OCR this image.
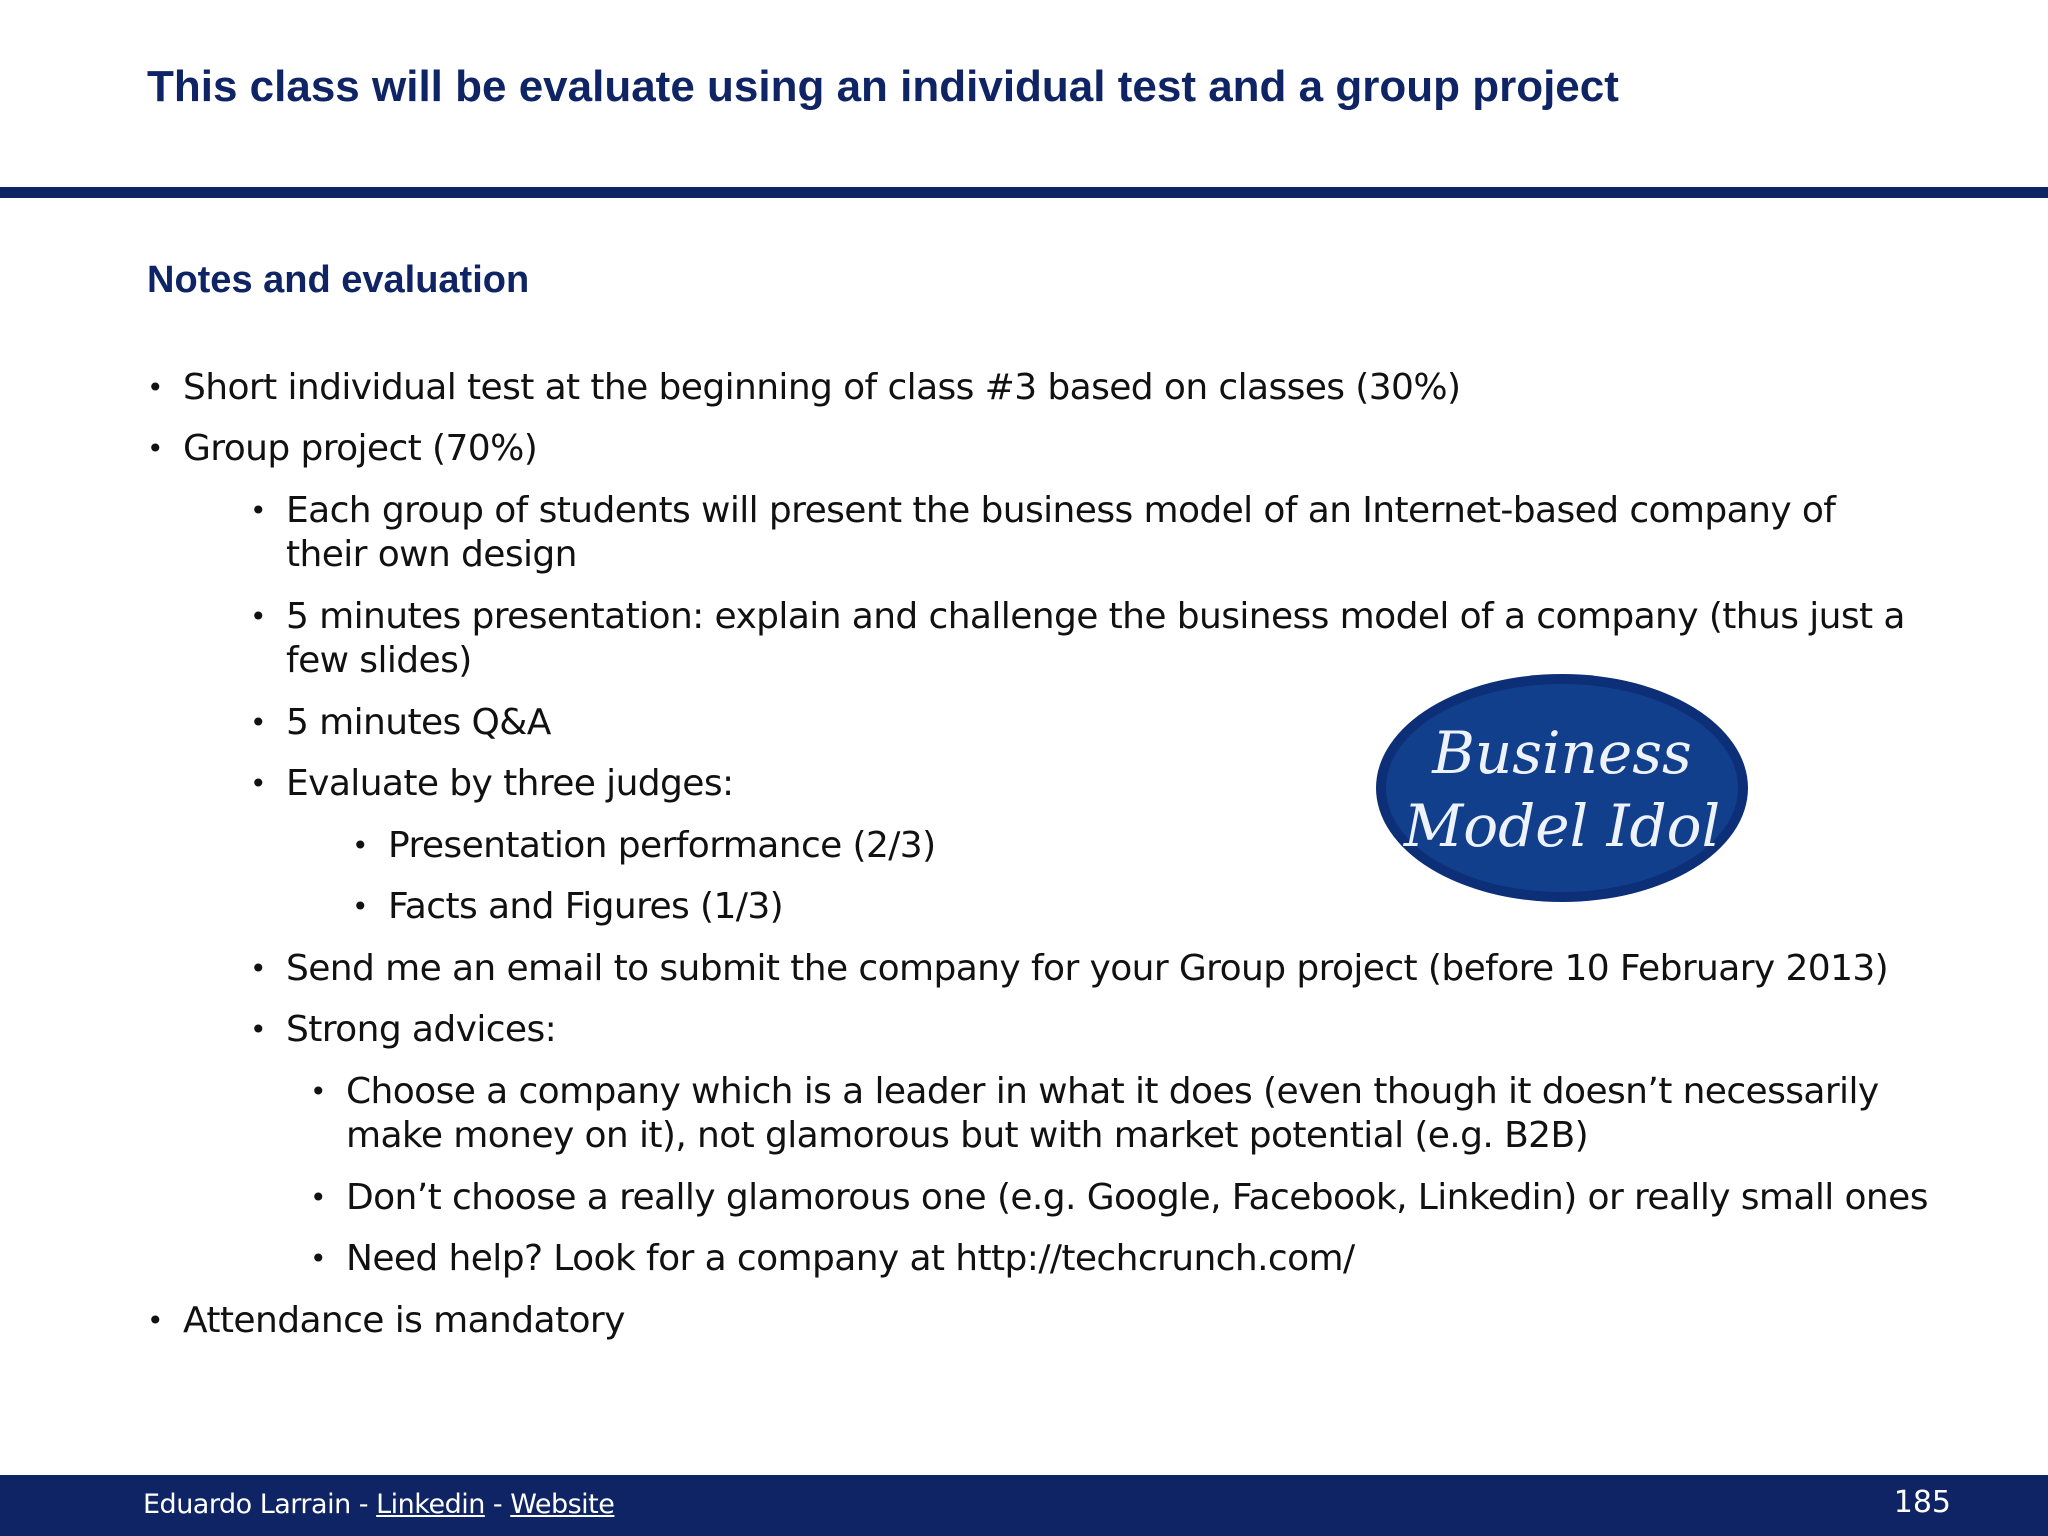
This class will be evaluate using an individual test and a group project
Notes and evaluation
• Short individual test at the beginning of class #3 based on classes (30%)
• Group project (70%)
• Each group of students will present the business model of an Internet-based company of their own design
• 5 minutes presentation: explain and challenge the business model of a company (thus just a few slides)
• 5 minutes Q&A
• Evaluate by three judges:
• Presentation performance (2/3)
• Facts and Figures (1/3)
• Send me an email to submit the company for your Group project (before 10 February 2013)
• Strong advices:
• Choose a company which is a leader in what it does (even though it doesn’t necessarily make money on it), not glamorous but with market potential (e.g. B2B)
• Don’t choose a really glamorous one (e.g. Google, Facebook, Linkedin) or really small ones
• Need help? Look for a company at http://techcrunch.com/
• Attendance is mandatory
Business
Model Idol
Eduardo Larrain - Linkedin - Website	185
